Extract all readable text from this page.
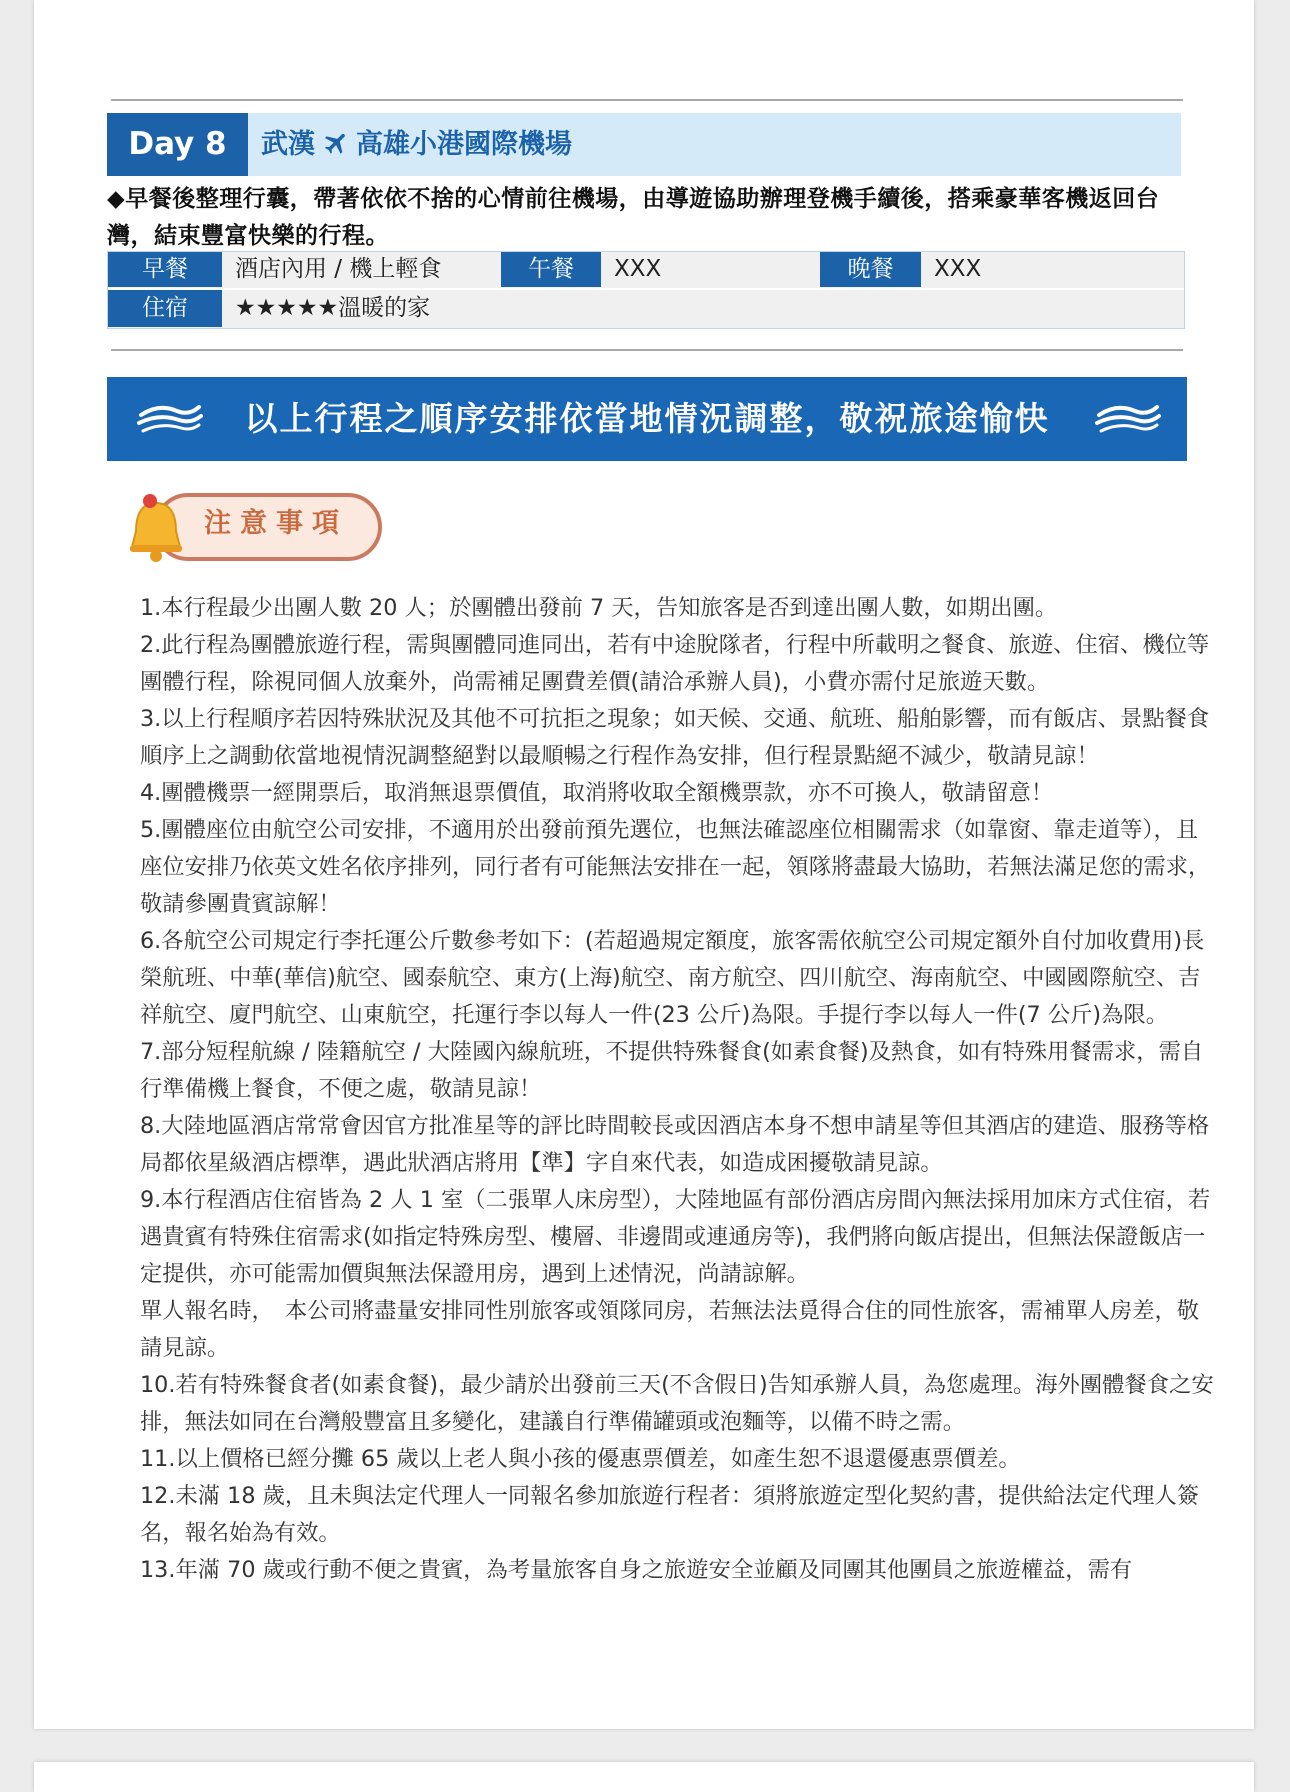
Day 8	武漢 高雄小港國際機場
◆早餐後整理行囊，帶著依依不捨的心情前往機場，由導遊協助辦理登機手續後，搭乘豪華客機返回台灣，結束豐富快樂的行程。
早餐	酒店內用 / 機上輕食	午餐	XXX	晚餐	XXX
住宿	★★★★★溫暖的家
以上行程之順序安排依當地情況調整，敬祝旅途愉快
注意事項

1.本行程最少出團人數 20 人；於團體出發前 7 天，告知旅客是否到達出團人數，如期出團。

2.此行程為團體旅遊行程，需與團體同進同出，若有中途脫隊者，行程中所載明之餐食、旅遊、住宿、機位等團體行程，除視同個人放棄外，尚需補足團費差價(請洽承辦人員)，小費亦需付足旅遊天數。

3.以上行程順序若因特殊狀況及其他不可抗拒之現象；如天候、交通、航班、船舶影響，而有飯店、景點餐食順序上之調動依當地視情況調整絕對以最順暢之行程作為安排，但行程景點絕不減少，敬請見諒！

4.團體機票一經開票后，取消無退票價值，取消將收取全額機票款，亦不可換人，敬請留意！

5.團體座位由航空公司安排，不適用於出發前預先選位，也無法確認座位相關需求（如靠窗、靠走道等），且座位安排乃依英文姓名依序排列，同行者有可能無法安排在一起，領隊將盡最大協助，若無法滿足您的需求，敬請參團貴賓諒解！

6.各航空公司規定行李托運公斤數參考如下：(若超過規定額度，旅客需依航空公司規定額外自付加收費用)長榮航班、中華(華信)航空、國泰航空、東方(上海)航空、南方航空、四川航空、海南航空、中國國際航空、吉祥航空、廈門航空、山東航空，托運行李以每人一件(23 公斤)為限。手提行李以每人一件(7 公斤)為限。

7.部分短程航線 / 陸籍航空 / 大陸國內線航班，不提供特殊餐食(如素食餐)及熱食，如有特殊用餐需求，需自行準備機上餐食，不便之處，敬請見諒！

8.大陸地區酒店常常會因官方批准星等的評比時間較長或因酒店本身不想申請星等但其酒店的建造、服務等格局都依星級酒店標準，遇此狀酒店將用【準】字自來代表，如造成困擾敬請見諒。

9.本行程酒店住宿皆為 2 人 1 室（二張單人床房型），大陸地區有部份酒店房間內無法採用加床方式住宿，若遇貴賓有特殊住宿需求(如指定特殊房型、樓層、非邊間或連通房等)，我們將向飯店提出，但無法保證飯店一定提供，亦可能需加價與無法保證用房，遇到上述情況，尚請諒解。

單人報名時，　本公司將盡量安排同性別旅客或領隊同房，若無法法覓得合住的同性旅客，需補單人房差，敬請見諒。

10.若有特殊餐食者(如素食餐)，最少請於出發前三天(不含假日)告知承辦人員，為您處理。海外團體餐食之安排，無法如同在台灣般豐富且多變化，建議自行準備罐頭或泡麵等，以備不時之需。

11.以上價格已經分攤 65 歲以上老人與小孩的優惠票價差，如產生恕不退還優惠票價差。

12.未滿 18 歲，且未與法定代理人一同報名參加旅遊行程者：須將旅遊定型化契約書，提供給法定代理人簽名，報名始為有效。

13.年滿 70 歲或行動不便之貴賓，為考量旅客自身之旅遊安全並顧及同團其他團員之旅遊權益，需有
